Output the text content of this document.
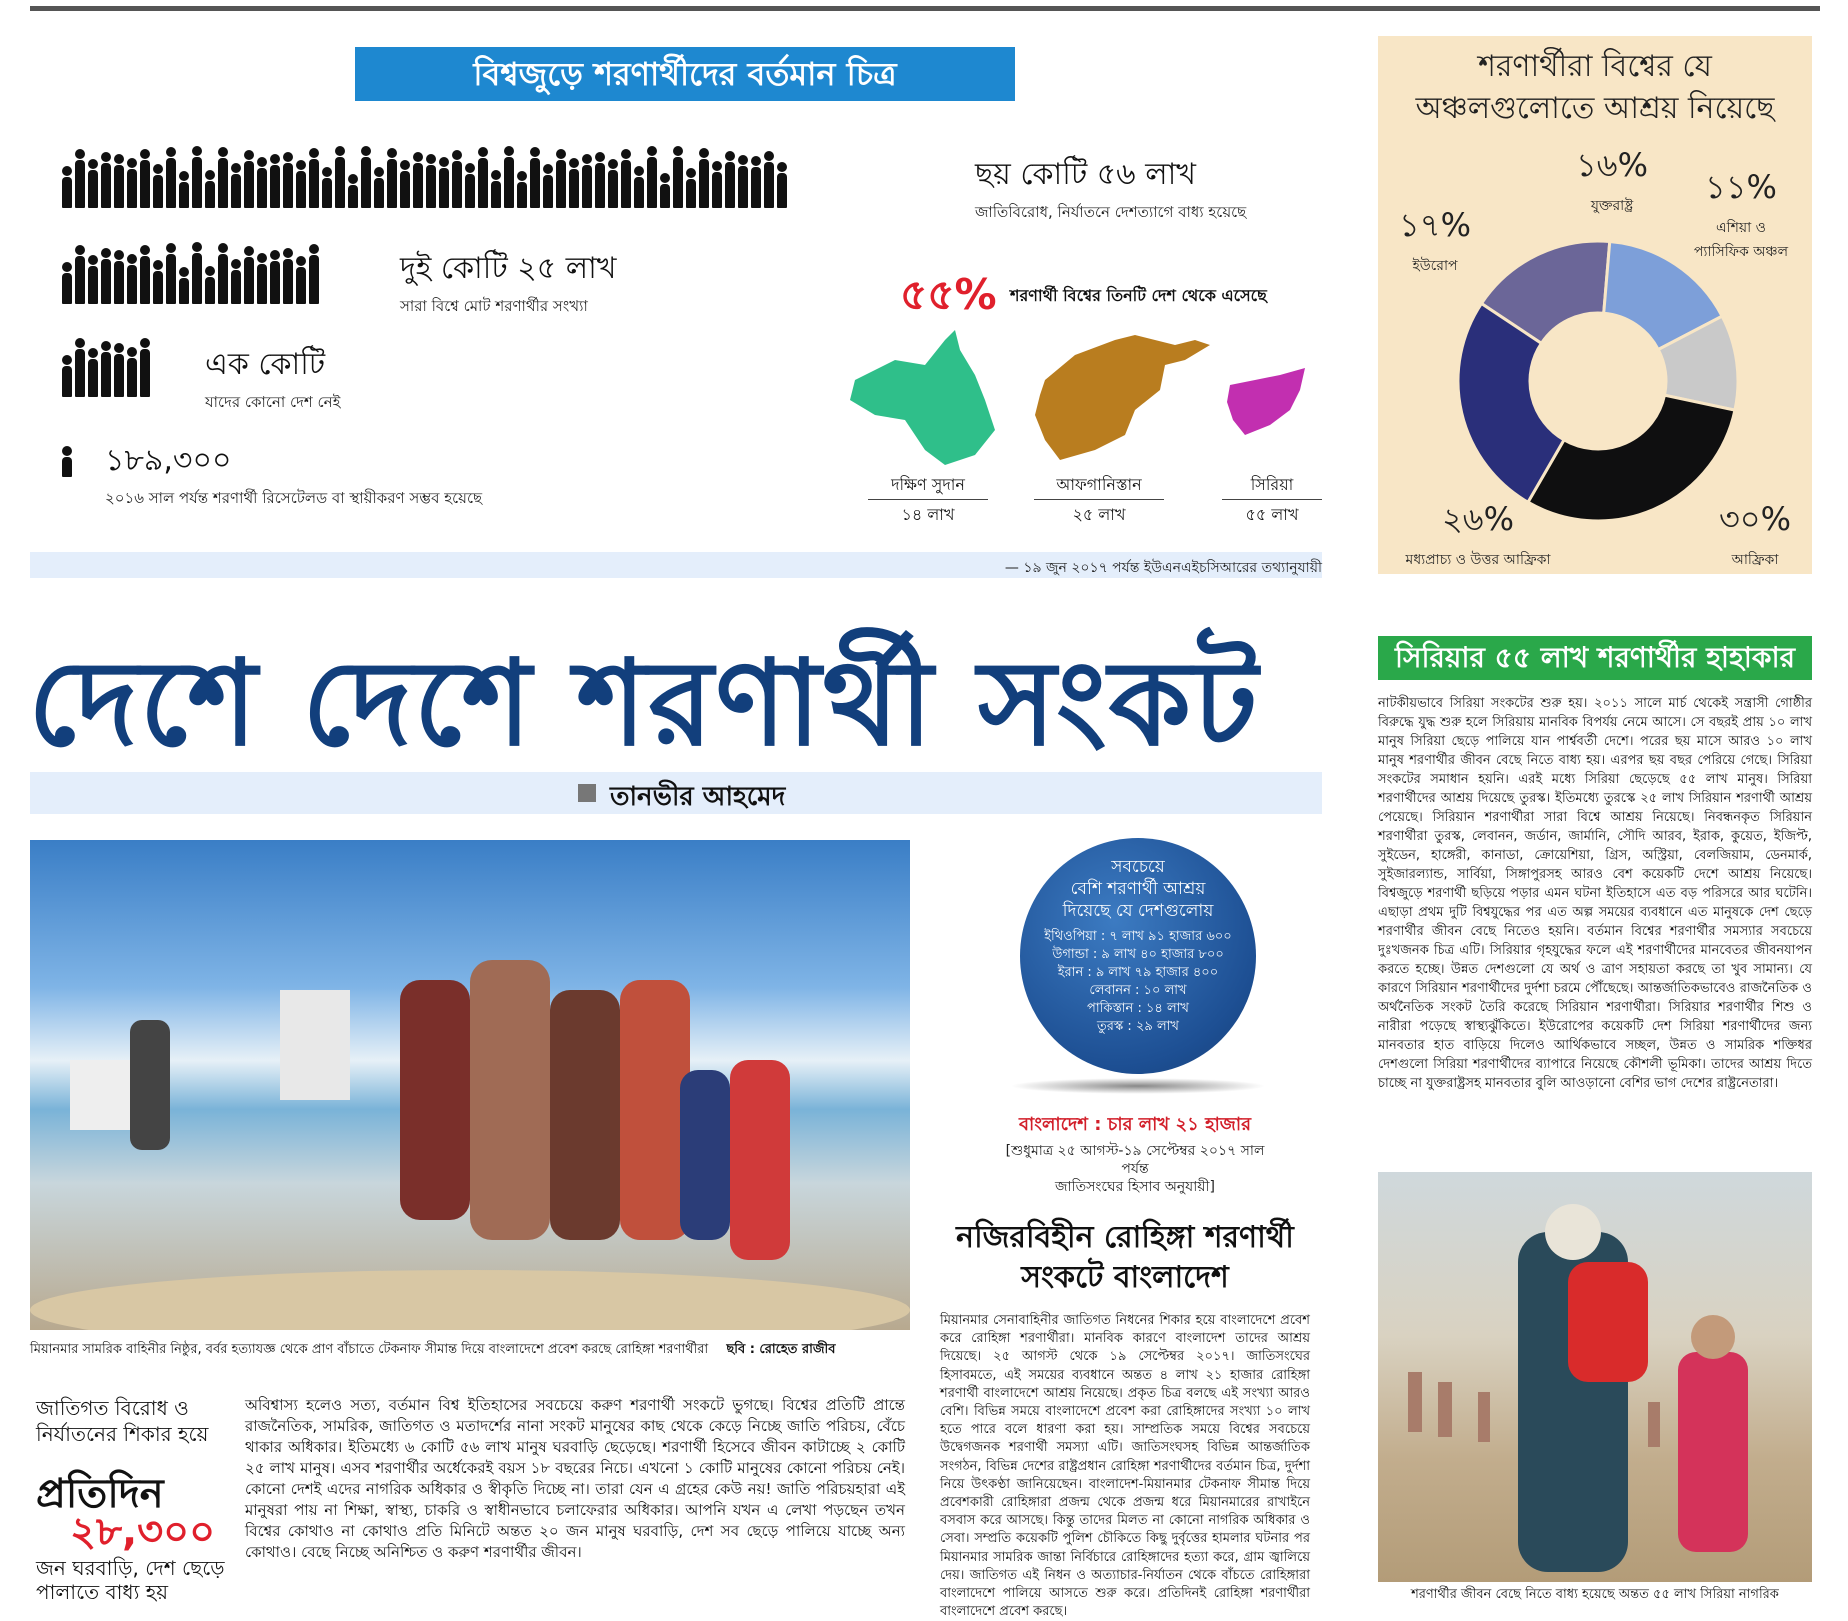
বিশ্বজুড়ে শরণার্থীদের বর্তমান চিত্র
ছয় কোটি ৫৬ লাখ
জাতিবিরোধ, নির্যাতনে দেশত্যাগে বাধ্য হয়েছে
দুই কোটি ২৫ লাখ
সারা বিশ্বে মোট শরণার্থীর সংখ্যা
এক কোটি
যাদের কোনো দেশ নেই
১৮৯,৩০০
২০১৬ সাল পর্যন্ত শরণার্থী রিসেটেলড বা স্থায়ীকরণ সম্ভব হয়েছে
৫৫% শরণার্থী বিশ্বের তিনটি দেশ থেকে এসেছে
দক্ষিণ সুদান
১৪ লাখ
আফগানিস্তান
২৫ লাখ
সিরিয়া
৫৫ লাখ
— ১৯ জুন ২০১৭ পর্যন্ত ইউএনএইচসিআরের তথ্যানুযায়ী
শরণার্থীরা বিশ্বের যে
অঞ্চলগুলোতে আশ্রয় নিয়েছে
১৬%
যুক্তরাষ্ট্র	১১%
এশিয়া ও
প্যাসিফিক অঞ্চল
১৭%
ইউরোপ
২৬%
মধ্যপ্রাচ্য ও উত্তর আফ্রিকা
৩০%
আফ্রিকা
দেশে দেশে শরণার্থী সংকট
তানভীর আহমেদ
মিয়ানমার সামরিক বাহিনীর নিষ্ঠুর, বর্বর হত্যাযজ্ঞ থেকে প্রাণ বাঁচাতে টেকনাফ সীমান্ত দিয়ে বাংলাদেশে প্রবেশ করছে রোহিঙ্গা শরণার্থীরা ছবি : রোহেত রাজীব
সবচেয়ে
বেশি শরণার্থী আশ্রয়
দিয়েছে যে দেশগুলোয়
ইথিওপিয়া : ৭ লাখ ৯১ হাজার ৬০০
উগান্ডা : ৯ লাখ ৪০ হাজার ৮০০
ইরান : ৯ লাখ ৭৯ হাজার ৪০০
লেবানন : ১০ লাখ
পাকিস্তান : ১৪ লাখ
তুরস্ক : ২৯ লাখ
বাংলাদেশ : চার লাখ ২১ হাজার
[শুধুমাত্র ২৫ আগস্ট-১৯ সেপ্টেম্বর ২০১৭ সাল পর্যন্ত
জাতিসংঘের হিসাব অনুযায়ী]
নজিরবিহীন রোহিঙ্গা শরণার্থী
সংকটে বাংলাদেশ
মিয়ানমার সেনাবাহিনীর জাতিগত নিধনের শিকার হয়ে বাংলাদেশে প্রবেশ করে রোহিঙ্গা শরণার্থীরা। মানবিক কারণে বাংলাদেশ তাদের আশ্রয় দিয়েছে। ২৫ আগস্ট থেকে ১৯ সেপ্টেম্বর ২০১৭। জাতিসংঘের হিসাবমতে, এই সময়ের ব্যবধানে অন্তত ৪ লাখ ২১ হাজার রোহিঙ্গা শরণার্থী বাংলাদেশে আশ্রয় নিয়েছে। প্রকৃত চিত্র বলছে এই সংখ্যা আরও বেশি। বিভিন্ন সময়ে বাংলাদেশে প্রবেশ করা রোহিঙ্গাদের সংখ্যা ১০ লাখ হতে পারে বলে ধারণা করা হয়। সাম্প্রতিক সময়ে বিশ্বের সবচেয়ে উদ্বেগজনক শরণার্থী সমস্যা এটি। জাতিসংঘসহ বিভিন্ন আন্তর্জাতিক সংগঠন, বিভিন্ন দেশের রাষ্ট্রপ্রধান রোহিঙ্গা শরণার্থীদের বর্তমান চিত্র, দুর্দশা নিয়ে উৎকণ্ঠা জানিয়েছেন। বাংলাদেশ-মিয়ানমার টেকনাফ সীমান্ত দিয়ে প্রবেশকারী রোহিঙ্গারা প্রজন্ম থেকে প্রজন্ম ধরে মিয়ানমারের রাখাইনে বসবাস করে আসছে। কিন্তু তাদের মিলত না কোনো নাগরিক অধিকার ও সেবা। সম্প্রতি কয়েকটি পুলিশ চৌকিতে কিছু দুর্বৃত্তের হামলার ঘটনার পর মিয়ানমার সামরিক জান্তা নির্বিচারে রোহিঙ্গাদের হত্যা করে, গ্রাম জ্বালিয়ে দেয়। জাতিগত এই নিধন ও অত্যাচার-নির্যাতন থেকে বাঁচতে রোহিঙ্গারা বাংলাদেশে পালিয়ে আসতে শুরু করে। প্রতিদিনই রোহিঙ্গা শরণার্থীরা বাংলাদেশে প্রবেশ করছে।
সিরিয়ার ৫৫ লাখ শরণার্থীর হাহাকার
নাটকীয়ভাবে সিরিয়া সংকটের শুরু হয়। ২০১১ সালে মার্চ থেকেই সন্ত্রাসী গোষ্ঠীর বিরুদ্ধে যুদ্ধ শুরু হলে সিরিয়ায় মানবিক বিপর্যয় নেমে আসে। সে বছরই প্রায় ১০ লাখ মানুষ সিরিয়া ছেড়ে পালিয়ে যান পার্শ্ববর্তী দেশে। পরের ছয় মাসে আরও ১০ লাখ মানুষ শরণার্থীর জীবন বেছে নিতে বাধ্য হয়। এরপর ছয় বছর পেরিয়ে গেছে। সিরিয়া সংকটের সমাধান হয়নি। এরই মধ্যে সিরিয়া ছেড়েছে ৫৫ লাখ মানুষ। সিরিয়া শরণার্থীদের আশ্রয় দিয়েছে তুরস্ক। ইতিমধ্যে তুরস্কে ২৫ লাখ সিরিয়ান শরণার্থী আশ্রয় পেয়েছে। সিরিয়ান শরণার্থীরা সারা বিশ্বে আশ্রয় নিয়েছে। নিবন্ধনকৃত সিরিয়ান শরণার্থীরা তুরস্ক, লেবানন, জর্ডান, জার্মানি, সৌদি আরব, ইরাক, কুয়েত, ইজিপ্ট, সুইডেন, হাঙ্গেরী, কানাডা, ক্রোয়েশিয়া, গ্রিস, অস্ট্রিয়া, বেলজিয়াম, ডেনমার্ক, সুইজারল্যান্ড, সার্বিয়া, সিঙ্গাপুরসহ আরও বেশ কয়েকটি দেশে আশ্রয় নিয়েছে। বিশ্বজুড়ে শরণার্থী ছড়িয়ে পড়ার এমন ঘটনা ইতিহাসে এত বড় পরিসরে আর ঘটেনি। এছাড়া প্রথম দুটি বিশ্বযুদ্ধের পর এত অল্প সময়ের ব্যবধানে এত মানুষকে দেশ ছেড়ে শরণার্থীর জীবন বেছে নিতেও হয়নি। বর্তমান বিশ্বের শরণার্থীর সমস্যার সবচেয়ে দুঃখজনক চিত্র এটি। সিরিয়ার গৃহযুদ্ধের ফলে এই শরণার্থীদের মানবেতর জীবনযাপন করতে হচ্ছে। উন্নত দেশগুলো যে অর্থ ও ত্রাণ সহায়তা করছে তা খুব সামান্য। যে কারণে সিরিয়ান শরণার্থীদের দুর্দশা চরমে পৌঁছেছে। আন্তর্জাতিকভাবেও রাজনৈতিক ও অর্থনৈতিক সংকট তৈরি করেছে সিরিয়ান শরণার্থীরা। সিরিয়ার শরণার্থীর শিশু ও নারীরা পড়েছে স্বাস্থ্যঝুঁকিতে। ইউরোপের কয়েকটি দেশ সিরিয়া শরণার্থীদের জন্য মানবতার হাত বাড়িয়ে দিলেও আর্থিকভাবে সচ্ছল, উন্নত ও সামরিক শক্তিধর দেশগুলো সিরিয়া শরণার্থীদের ব্যাপারে নিয়েছে কৌশলী ভূমিকা। তাদের আশ্রয় দিতে চাচ্ছে না যুক্তরাষ্ট্রসহ মানবতার বুলি আওড়ানো বেশির ভাগ দেশের রাষ্ট্রনেতারা।
শরণার্থীর জীবন বেছে নিতে বাধ্য হয়েছে অন্তত ৫৫ লাখ সিরিয়া নাগরিক
জাতিগত বিরোধ ও
নির্যাতনের শিকার হয়ে
প্রতিদিন
২৮,৩০০
জন ঘরবাড়ি, দেশ ছেড়ে
পালাতে বাধ্য হয়
অবিশ্বাস্য হলেও সত্য, বর্তমান বিশ্ব ইতিহাসের সবচেয়ে করুণ শরণার্থী সংকটে ভুগছে। বিশ্বের প্রতিটি প্রান্তে রাজনৈতিক, সামরিক, জাতিগত ও মতাদর্শের নানা সংকট মানুষের কাছ থেকে কেড়ে নিচ্ছে জাতি পরিচয়, বেঁচে থাকার অধিকার। ইতিমধ্যে ৬ কোটি ৫৬ লাখ মানুষ ঘরবাড়ি ছেড়েছে। শরণার্থী হিসেবে জীবন কাটাচ্ছে ২ কোটি ২৫ লাখ মানুষ। এসব শরণার্থীর অর্ধেকেরই বয়স ১৮ বছরের নিচে। এখনো ১ কোটি মানুষের কোনো পরিচয় নেই। কোনো দেশই এদের নাগরিক অধিকার ও স্বীকৃতি দিচ্ছে না। তারা যেন এ গ্রহের কেউ নয়! জাতি পরিচয়হারা এই মানুষরা পায় না শিক্ষা, স্বাস্থ্য, চাকরি ও স্বাধীনভাবে চলাফেরার অধিকার। আপনি যখন এ লেখা পড়ছেন তখন বিশ্বের কোথাও না কোথাও প্রতি মিনিটে অন্তত ২০ জন মানুষ ঘরবাড়ি, দেশ সব ছেড়ে পালিয়ে যাচ্ছে অন্য কোথাও। বেছে নিচ্ছে অনিশ্চিত ও করুণ শরণার্থীর জীবন।
